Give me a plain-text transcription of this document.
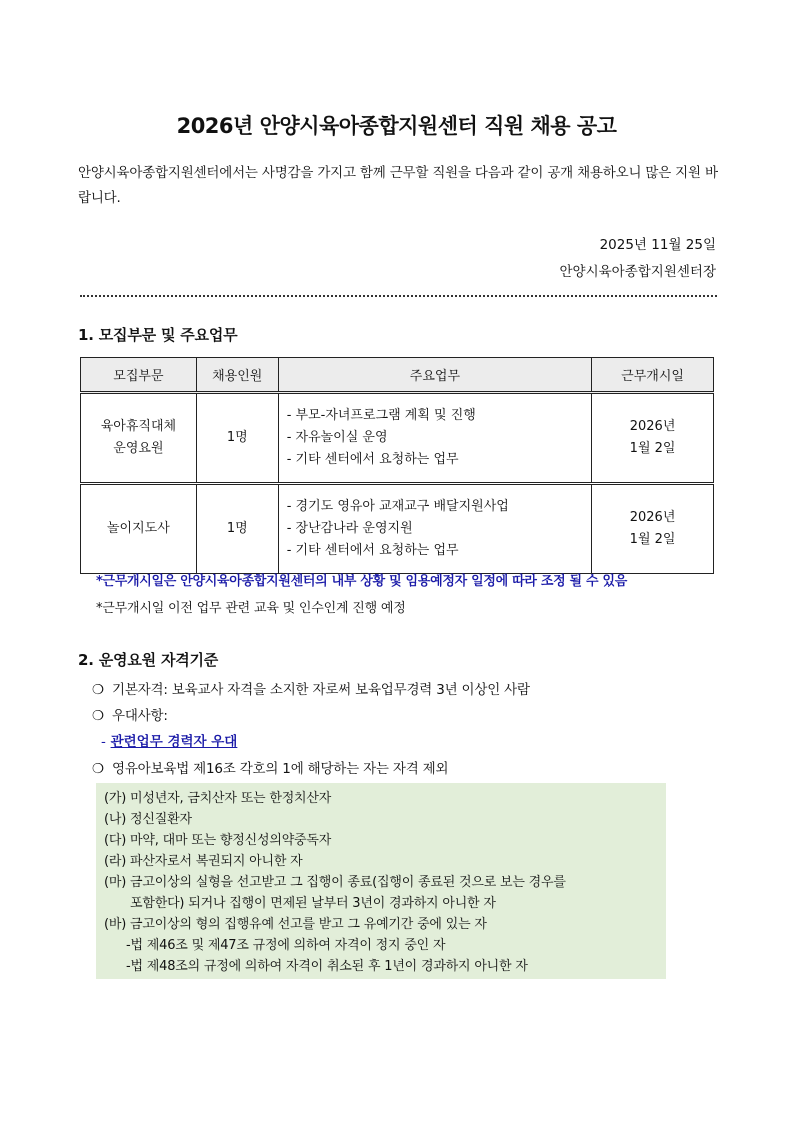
2026년 안양시육아종합지원센터 직원 채용 공고
안양시육아종합지원센터에서는 사명감을 가지고 함께 근무할 직원을 다음과 같이 공개 채용하오니 많은 지원 바랍니다.
2025년 11월 25일
안양시육아종합지원센터장
1. 모집부문 및 주요업무
모집부문	채용인원	주요업무	근무개시일

육아휴직대체
운영요원	1명	- 부모-자녀프로그램 계획 및 진행
- 자유놀이실 운영
- 기타 센터에서 요청하는 업무	2026년
1월 2일

놀이지도사	1명	- 경기도 영유아 교재교구 배달지원사업
- 장난감나라 운영지원
- 기타 센터에서 요청하는 업무	2026년
1월 2일
*근무개시일은 안양시육아종합지원센터의 내부 상황 및 임용예정자 일정에 따라 조정 될 수 있음
*근무개시일 이전 업무 관련 교육 및 인수인계 진행 예정
2. 운영요원 자격기준
❍ 기본자격: 보육교사 자격을 소지한 자로써 보육업무경력 3년 이상인 사람
❍ 우대사항:
- 관련업무 경력자 우대
❍ 영유아보육법 제16조 각호의 1에 해당하는 자는 자격 제외
(가) 미성년자, 금치산자 또는 한정치산자
(나) 정신질환자
(다) 마약, 대마 또는 향정신성의약중독자
(라) 파산자로서 복권되지 아니한 자
(마) 금고이상의 실형을 선고받고 그 집행이 종료(집행이 종료된 것으로 보는 경우를
포함한다) 되거나 집행이 면제된 날부터 3년이 경과하지 아니한 자
(바) 금고이상의 형의 집행유예 선고를 받고 그 유예기간 중에 있는 자
-법 제46조 및 제47조 규정에 의하여 자격이 정지 중인 자
-법 제48조의 규정에 의하여 자격이 취소된 후 1년이 경과하지 아니한 자
